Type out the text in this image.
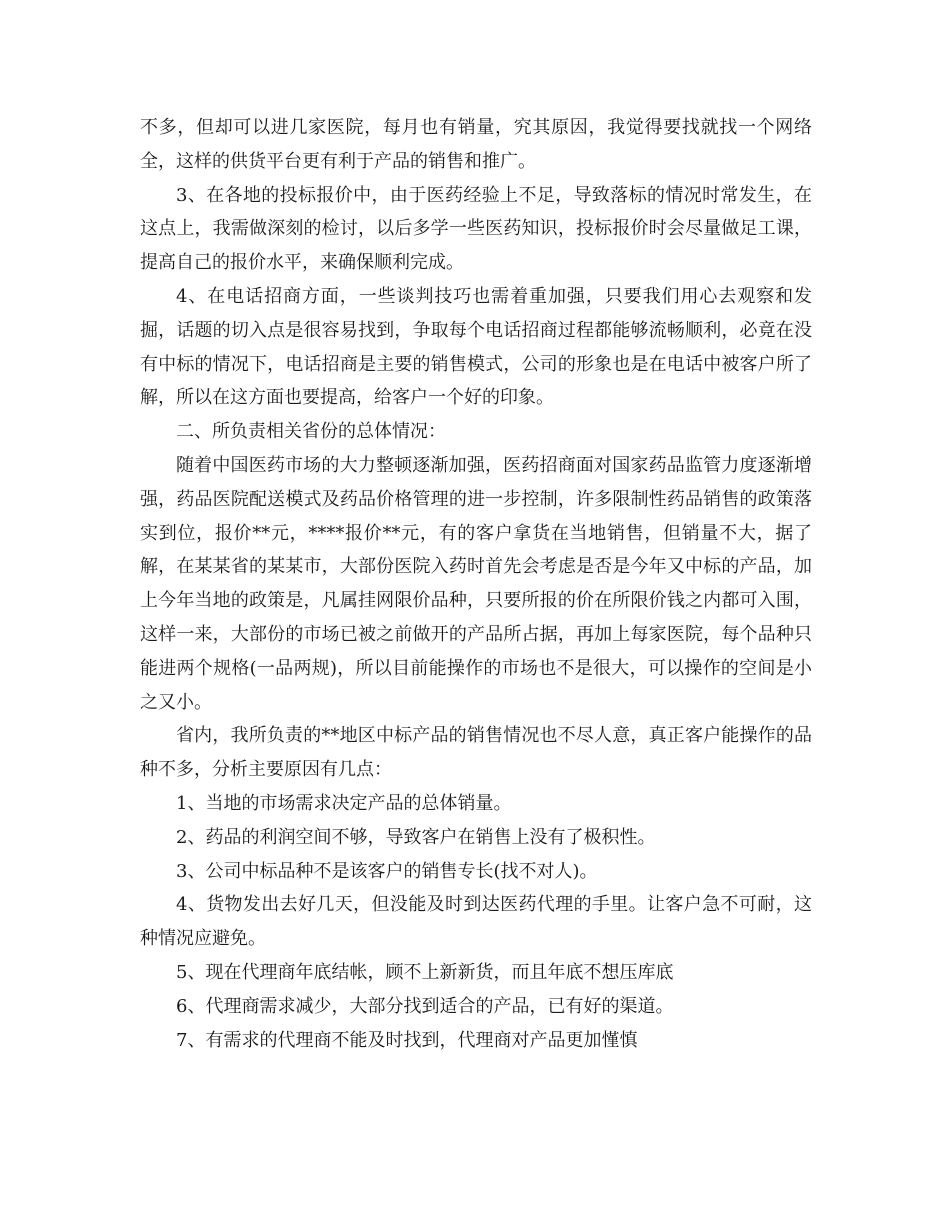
不多，但却可以进几家医院，每月也有销量，究其原因，我觉得要找就找一个网络全，这样的供货平台更有利于产品的销售和推广。

3、在各地的投标报价中，由于医药经验上不足，导致落标的情况时常发生，在这点上，我需做深刻的检讨，以后多学一些医药知识，投标报价时会尽量做足工课，提高自己的报价水平，来确保顺利完成。

4、在电话招商方面，一些谈判技巧也需着重加强，只要我们用心去观察和发掘，话题的切入点是很容易找到，争取每个电话招商过程都能够流畅顺利，必竟在没有中标的情况下，电话招商是主要的销售模式，公司的形象也是在电话中被客户所了解，所以在这方面也要提高，给客户一个好的印象。

二、所负责相关省份的总体情况：

随着中国医药市场的大力整顿逐渐加强，医药招商面对国家药品监管力度逐渐增强，药品医院配送模式及药品价格管理的进一步控制，许多限制性药品销售的政策落实到位，报价**元，****报价**元，有的客户拿货在当地销售，但销量不大，据了解，在某某省的某某市，大部份医院入药时首先会考虑是否是今年又中标的产品，加上今年当地的政策是，凡属挂网限价品种，只要所报的价在所限价钱之内都可入围，这样一来，大部份的市场已被之前做开的产品所占据，再加上每家医院，每个品种只能进两个规格(一品两规)，所以目前能操作的市场也不是很大，可以操作的空间是小之又小。

省内，我所负责的**地区中标产品的销售情况也不尽人意，真正客户能操作的品种不多，分析主要原因有几点：

1、当地的市场需求决定产品的总体销量。

2、药品的利润空间不够，导致客户在销售上没有了极积性。

3、公司中标品种不是该客户的销售专长(找不对人)。

4、货物发出去好几天，但没能及时到达医药代理的手里。让客户急不可耐，这种情况应避免。

5、现在代理商年底结帐，顾不上新新货，而且年底不想压库底

6、代理商需求减少，大部分找到适合的产品，已有好的渠道。

7、有需求的代理商不能及时找到，代理商对产品更加慬慎
